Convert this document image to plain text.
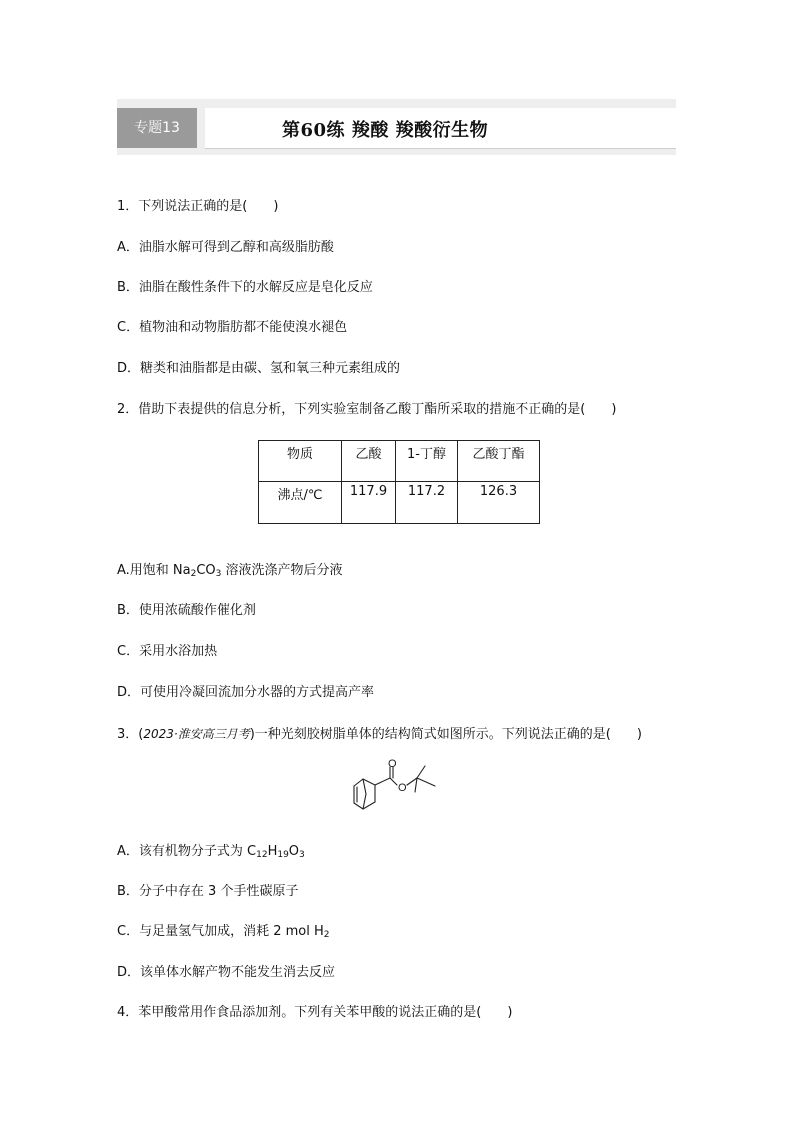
专题13	第60练 羧酸 羧酸衍生物
1．下列说法正确的是(　　)
A．油脂水解可得到乙醇和高级脂肪酸
B．油脂在酸性条件下的水解反应是皂化反应
C．植物油和动物脂肪都不能使溴水褪色
D．糖类和油脂都是由碳、氢和氧三种元素组成的
2．借助下表提供的信息分析，下列实验室制备乙酸丁酯所采取的措施不正确的是(　　)
物质	乙酸	1-丁醇	乙酸丁酯
沸点/℃	117.9	117.2	126.3
A.用饱和 $Na_2CO_3$ 溶液洗涤产物后分液
B．使用浓硫酸作催化剂
C．采用水浴加热
D．可使用冷凝回流加分水器的方式提高产率
3．(2023·淮安高三月考)一种光刻胶树脂单体的结构简式如图所示。下列说法正确的是(　　)
O
O
A．该有机物分子式为 $C_{12}H_{19}O_3$
B．分子中存在 3 个手性碳原子
C．与足量氢气加成，消耗 2 mol $H_2$
D．该单体水解产物不能发生消去反应
4．苯甲酸常用作食品添加剂。下列有关苯甲酸的说法正确的是(　　)
